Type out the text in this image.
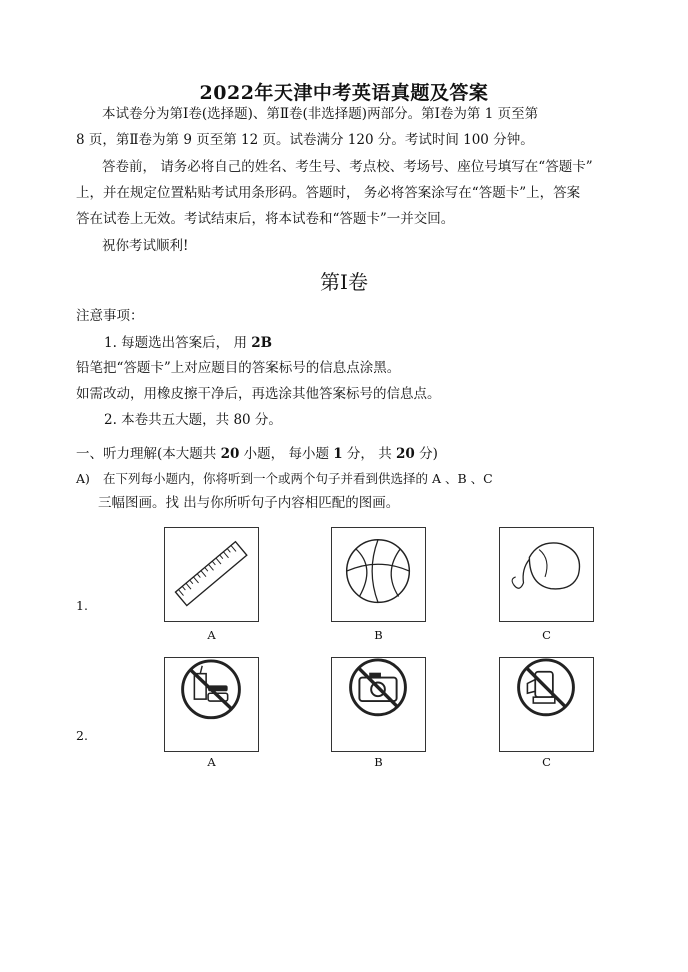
2022年天津中考英语真题及答案
本试卷分为第Ⅰ卷(选择题)、第Ⅱ卷(非选择题)两部分。第Ⅰ卷为第 1 页至第
8 页，第Ⅱ卷为第 9 页至第 12 页。试卷满分 120 分。考试时间 100 分钟。
答卷前， 请务必将自己的姓名、考生号、考点校、考场号、座位号填写在“答题卡”
上，并在规定位置粘贴考试用条形码。答题时， 务必将答案涂写在“答题卡”上，答案
答在试卷上无效。考试结束后，将本试卷和“答题卡”一并交回。
祝你考试顺利!
第Ⅰ卷
注意事项：
1. 每题选出答案后， 用 2B
铅笔把“答题卡”上对应题目的答案标号的信息点涂黑。
如需改动，用橡皮擦干净后，再选涂其他答案标号的信息点。
2. 本卷共五大题，共 80 分。
一、听力理解(本大题共 20 小题， 每小题 1 分， 共 20 分)
A) 在下列每小题内，你将听到一个或两个句子并看到供选择的 A 、B 、C
三幅图画。找 出与你所听句子内容相匹配的图画。
1.
A	B	C
2.
A	B	C
